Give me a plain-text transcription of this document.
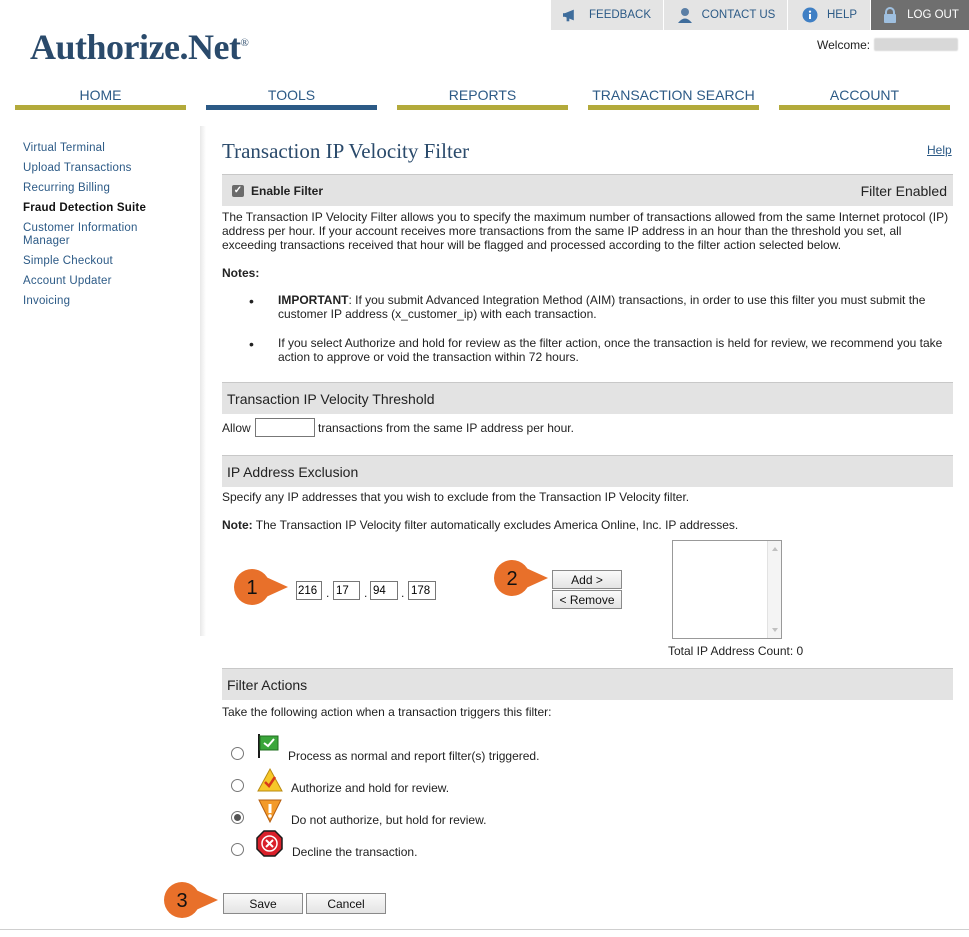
FEEDBACK	CONTACT US	HELP	LOG OUT
Authorize.Net®	Welcome:
HOME	TOOLS	REPORTS	TRANSACTION SEARCH	ACCOUNT
Virtual Terminal
Upload Transactions
Recurring Billing
Fraud Detection Suite
Customer Information Manager
Simple Checkout
Account Updater
Invoicing
Transaction IP Velocity Filter	Help
✓ Enable Filter	Filter Enabled
The Transaction IP Velocity Filter allows you to specify the maximum number of transactions allowed from the same Internet protocol (IP) address per hour. If your account receives more transactions from the same IP address in an hour than the threshold you set, all exceeding transactions received that hour will be flagged and processed according to the filter action selected below.
Notes:
• IMPORTANT: If you submit Advanced Integration Method (AIM) transactions, in order to use this filter you must submit the customer IP address (x_customer_ip) with each transaction.
• If you select Authorize and hold for review as the filter action, once the transaction is held for review, we recommend you take action to approve or void the transaction within 72 hours.
Transaction IP Velocity Threshold
Allow	transactions from the same IP address per hour.
IP Address Exclusion
Specify any IP addresses that you wish to exclude from the Transaction IP Velocity filter.
Note: The Transaction IP Velocity filter automatically excludes America Online, Inc. IP addresses.
216
.
17	.
94	.
178
Add >
< Remove
Total IP Address Count: 0
Filter Actions
Take the following action when a transaction triggers this filter:
Process as normal and report filter(s) triggered.
Authorize and hold for review.
Do not authorize, but hold for review.
Decline the transaction.
Save	Cancel
1	2
3
